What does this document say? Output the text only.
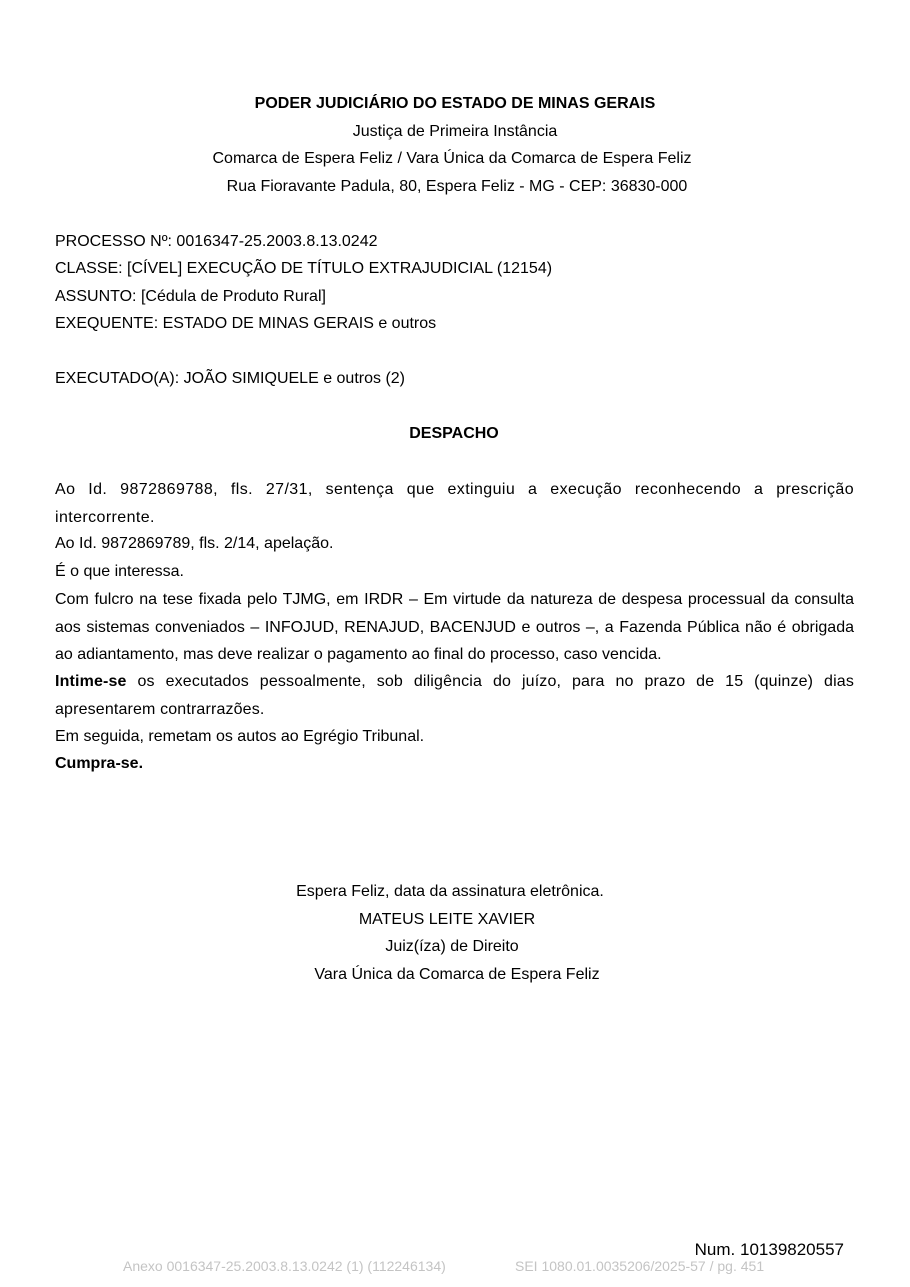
PODER JUDICIÁRIO DO ESTADO DE MINAS GERAIS
Justiça de Primeira Instância
Comarca de Espera Feliz / Vara Única da Comarca de Espera Feliz
Rua Fioravante Padula, 80, Espera Feliz - MG - CEP: 36830-000
PROCESSO Nº: 0016347-25.2003.8.13.0242
CLASSE: [CÍVEL] EXECUÇÃO DE TÍTULO EXTRAJUDICIAL (12154)
ASSUNTO: [Cédula de Produto Rural]
EXEQUENTE: ESTADO DE MINAS GERAIS e outros
EXECUTADO(A): JOÃO SIMIQUELE e outros (2)
DESPACHO
Ao Id. 9872869788, fls. 27/31, sentença que extinguiu a execução reconhecendo a prescrição intercorrente.
Ao Id. 9872869789, fls. 2/14, apelação.
É o que interessa.
Com fulcro na tese fixada pelo TJMG, em IRDR – Em virtude da natureza de despesa processual da consulta aos sistemas conveniados – INFOJUD, RENAJUD, BACENJUD e outros –, a Fazenda Pública não é obrigada ao adiantamento, mas deve realizar o pagamento ao final do processo, caso vencida.
Intime-se os executados pessoalmente, sob diligência do juízo, para no prazo de 15 (quinze) dias apresentarem contrarrazões.
Em seguida, remetam os autos ao Egrégio Tribunal.
Cumpra-se.
Espera Feliz, data da assinatura eletrônica.
MATEUS LEITE XAVIER
Juiz(íza) de Direito
Vara Única da Comarca de Espera Feliz
Num. 10139820557
Anexo 0016347-25.2003.8.13.0242 (1) (112246134)	SEI 1080.01.0035206/2025-57 / pg. 451
